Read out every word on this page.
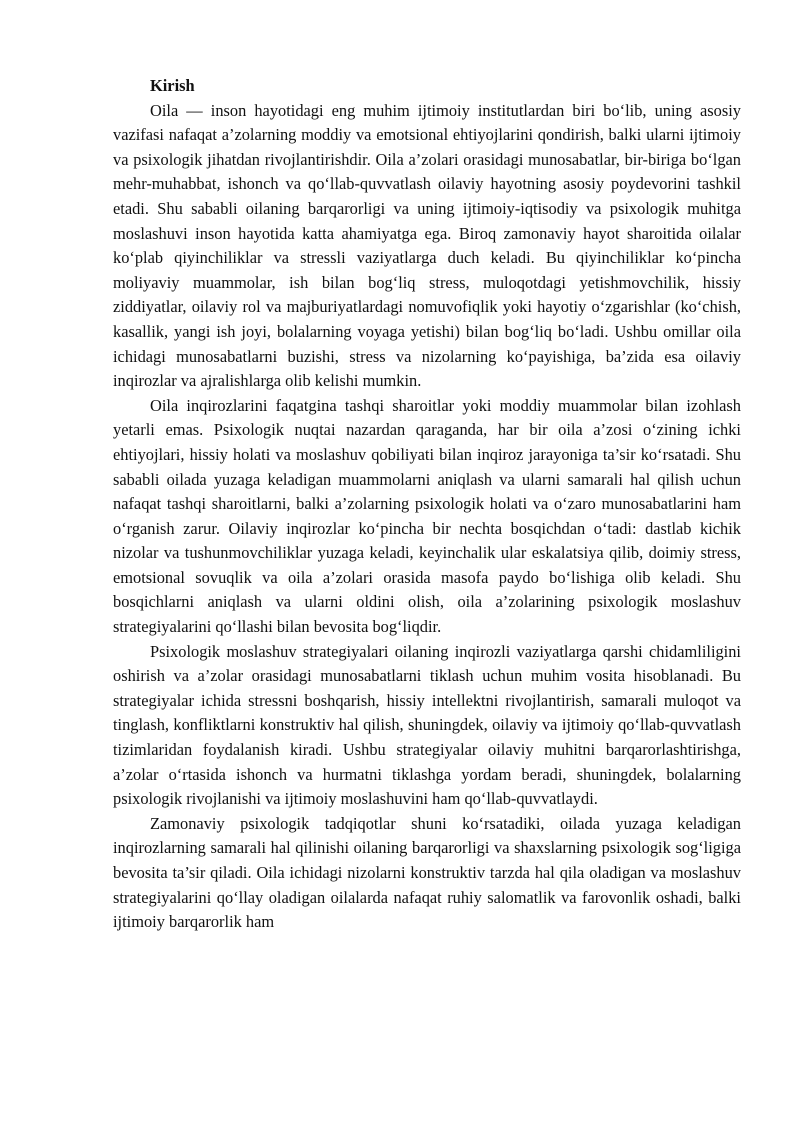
Kirish

Oila — inson hayotidagi eng muhim ijtimoiy institutlardan biri bo‘lib, uning asosiy vazifasi nafaqat a’zolarning moddiy va emotsional ehtiyojlarini qondirish, balki ularni ijtimoiy va psixologik jihatdan rivojlantirishdir. Oila a’zolari orasidagi munosabatlar, bir-biriga bo‘lgan mehr-muhabbat, ishonch va qo‘llab-quvvatlash oilaviy hayotning asosiy poydevorini tashkil etadi. Shu sababli oilaning barqarorligi va uning ijtimoiy-iqtisodiy va psixologik muhitga moslashuvi inson hayotida katta ahamiyatga ega. Biroq zamonaviy hayot sharoitida oilalar ko‘plab qiyinchiliklar va stressli vaziyatlarga duch keladi. Bu qiyinchiliklar ko‘pincha moliyaviy muammolar, ish bilan bog‘liq stress, muloqotdagi yetishmovchilik, hissiy ziddiyatlar, oilaviy rol va majburiyatlardagi nomuvofiqlik yoki hayotiy o‘zgarishlar (ko‘chish, kasallik, yangi ish joyi, bolalarning voyaga yetishi) bilan bog‘liq bo‘ladi. Ushbu omillar oila ichidagi munosabatlarni buzishi, stress va nizolarning ko‘payishiga, ba’zida esa oilaviy inqirozlar va ajralishlarga olib kelishi mumkin.

Oila inqirozlarini faqatgina tashqi sharoitlar yoki moddiy muammolar bilan izohlash yetarli emas. Psixologik nuqtai nazardan qaraganda, har bir oila a’zosi o‘zining ichki ehtiyojlari, hissiy holati va moslashuv qobiliyati bilan inqiroz jarayoniga ta’sir ko‘rsatadi. Shu sababli oilada yuzaga keladigan muammolarni aniqlash va ularni samarali hal qilish uchun nafaqat tashqi sharoitlarni, balki a’zolarning psixologik holati va o‘zaro munosabatlarini ham o‘rganish zarur. Oilaviy inqirozlar ko‘pincha bir nechta bosqichdan o‘tadi: dastlab kichik nizolar va tushunmovchiliklar yuzaga keladi, keyinchalik ular eskalatsiya qilib, doimiy stress, emotsional sovuqlik va oila a’zolari orasida masofa paydo bo‘lishiga olib keladi. Shu bosqichlarni aniqlash va ularni oldini olish, oila a’zolarining psixologik moslashuv strategiyalarini qo‘llashi bilan bevosita bog‘liqdir.

Psixologik moslashuv strategiyalari oilaning inqirozli vaziyatlarga qarshi chidamliligini oshirish va a’zolar orasidagi munosabatlarni tiklash uchun muhim vosita hisoblanadi. Bu strategiyalar ichida stressni boshqarish, hissiy intellektni rivojlantirish, samarali muloqot va tinglash, konfliktlarni konstruktiv hal qilish, shuningdek, oilaviy va ijtimoiy qo‘llab-quvvatlash tizimlaridan foydalanish kiradi. Ushbu strategiyalar oilaviy muhitni barqarorlashtirishga, a’zolar o‘rtasida ishonch va hurmatni tiklashga yordam beradi, shuningdek, bolalarning psixologik rivojlanishi va ijtimoiy moslashuvini ham qo‘llab-quvvatlaydi.

Zamonaviy psixologik tadqiqotlar shuni ko‘rsatadiki, oilada yuzaga keladigan inqirozlarning samarali hal qilinishi oilaning barqarorligi va shaxslarning psixologik sog‘ligiga bevosita ta’sir qiladi. Oila ichidagi nizolarni konstruktiv tarzda hal qila oladigan va moslashuv strategiyalarini qo‘llay oladigan oilalarda nafaqat ruhiy salomatlik va farovonlik oshadi, balki ijtimoiy barqarorlik ham
